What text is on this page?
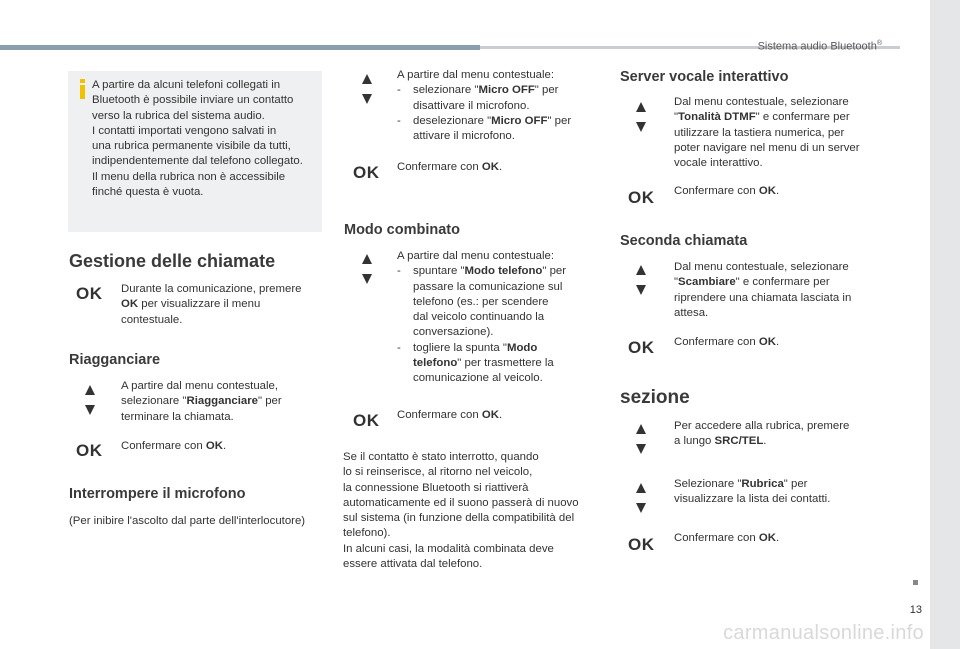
Sistema audio Bluetooth®
A partire da alcuni telefoni collegati in
Bluetooth è possibile inviare un contatto
verso la rubrica del sistema audio.
I contatti importati vengono salvati in
una rubrica permanente visibile da tutti,
indipendentemente dal telefono collegato.
Il menu della rubrica non è accessibile
finché questa è vuota.
Gestione delle chiamate
OK Durante la comunicazione, premere
OK per visualizzare il menu
contestuale.
Riagganciare
A partire dal menu contestuale,
selezionare "Riagganciare" per
terminare la chiamata.
OK Confermare con OK.
Interrompere il microfono
(Per inibire l'ascolto dal parte dell'interlocutore)
A partire dal menu contestuale:
- selezionare "Micro OFF" per
disattivare il microfono.
- deselezionare "Micro OFF" per
attivare il microfono.
OK Confermare con OK.
Modo combinato
A partire dal menu contestuale:
- spuntare "Modo telefono" per
passare la comunicazione sul
telefono (es.: per scendere
dal veicolo continuando la
conversazione).
- togliere la spunta "Modo
telefono" per trasmettere la
comunicazione al veicolo.
OK Confermare con OK.
Se il contatto è stato interrotto, quando
lo si reinserisce, al ritorno nel veicolo,
la connessione Bluetooth si riattiverà
automaticamente ed il suono passerà di nuovo
sul sistema (in funzione della compatibilità del
telefono).
In alcuni casi, la modalità combinata deve
essere attivata dal telefono.
Server vocale interattivo
Dal menu contestuale, selezionare
"Tonalità DTMF" e confermare per
utilizzare la tastiera numerica, per
poter navigare nel menu di un server
vocale interattivo.
OK Confermare con OK.
Seconda chiamata
Dal menu contestuale, selezionare
"Scambiare" e confermare per
riprendere una chiamata lasciata in
attesa.
OK Confermare con OK.
sezione
Per accedere alla rubrica, premere
a lungo SRC/TEL.
Selezionare "Rubrica" per
visualizzare la lista dei contatti.
OK Confermare con OK.
13
carmanualsonline.info
